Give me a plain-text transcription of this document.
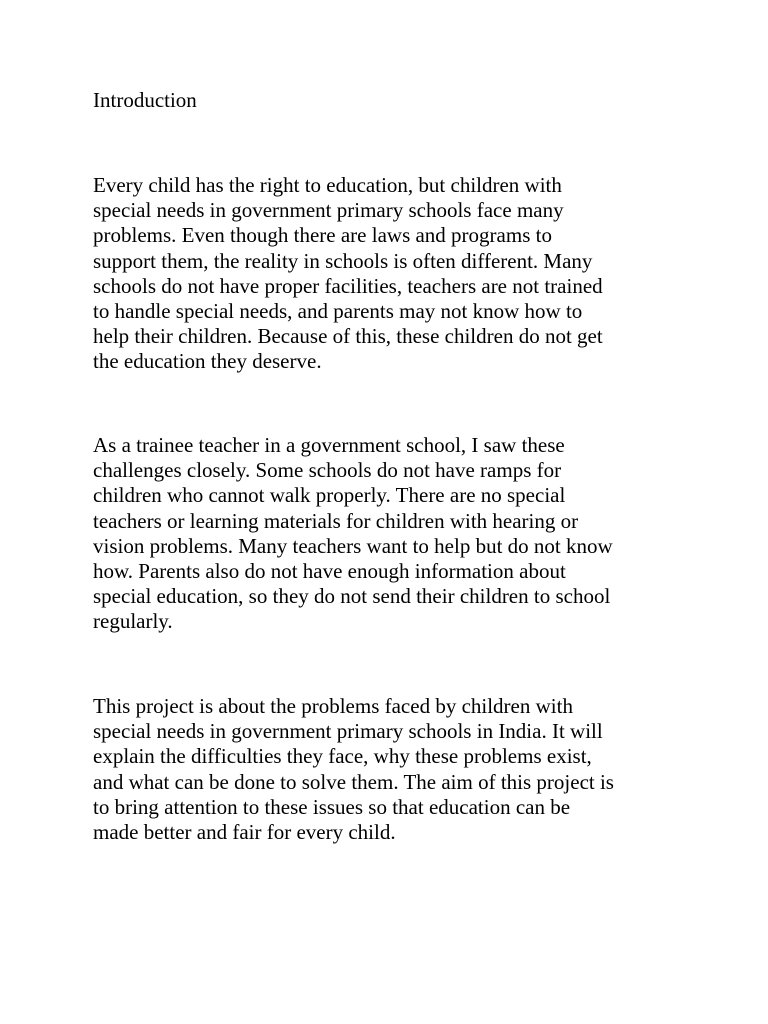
Introduction

Every child has the right to education, but children with
special needs in government primary schools face many
problems. Even though there are laws and programs to
support them, the reality in schools is often different. Many
schools do not have proper facilities, teachers are not trained
to handle special needs, and parents may not know how to
help their children. Because of this, these children do not get
the education they deserve.

As a trainee teacher in a government school, I saw these
challenges closely. Some schools do not have ramps for
children who cannot walk properly. There are no special
teachers or learning materials for children with hearing or
vision problems. Many teachers want to help but do not know
how. Parents also do not have enough information about
special education, so they do not send their children to school
regularly.

This project is about the problems faced by children with
special needs in government primary schools in India. It will
explain the difficulties they face, why these problems exist,
and what can be done to solve them. The aim of this project is
to bring attention to these issues so that education can be
made better and fair for every child.
